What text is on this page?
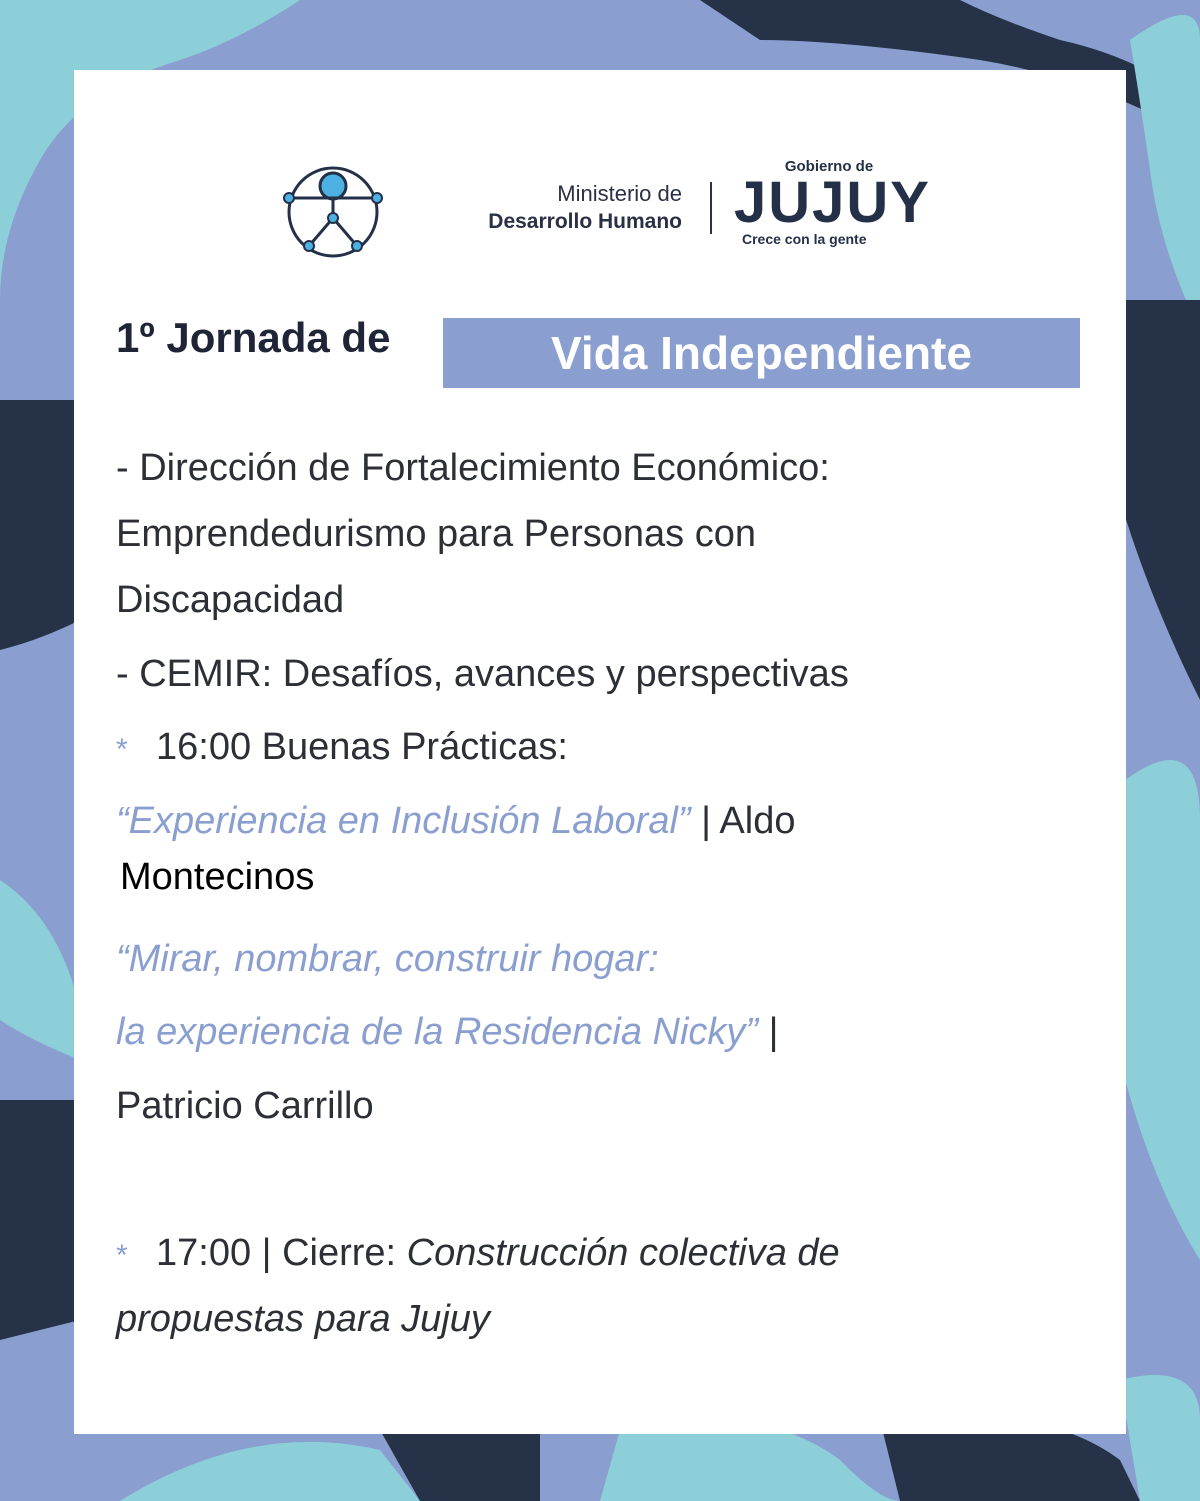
Ministerio de
Desarrollo Humano
Gobierno de
JUJUY
Crece con la gente
1º Jornada de	Vida Independiente
- Dirección de Fortalecimiento Económico:
Emprendedurismo para Personas con
Discapacidad
- CEMIR: Desafíos, avances y perspectivas
* 16:00 Buenas Prácticas:
“Experiencia en Inclusión Laboral” | Aldo
Montecinos
“Mirar, nombrar, construir hogar:
la experiencia de la Residencia Nicky” |
Patricio Carrillo
* 17:00 | Cierre: Construcción colectiva de
propuestas para Jujuy
